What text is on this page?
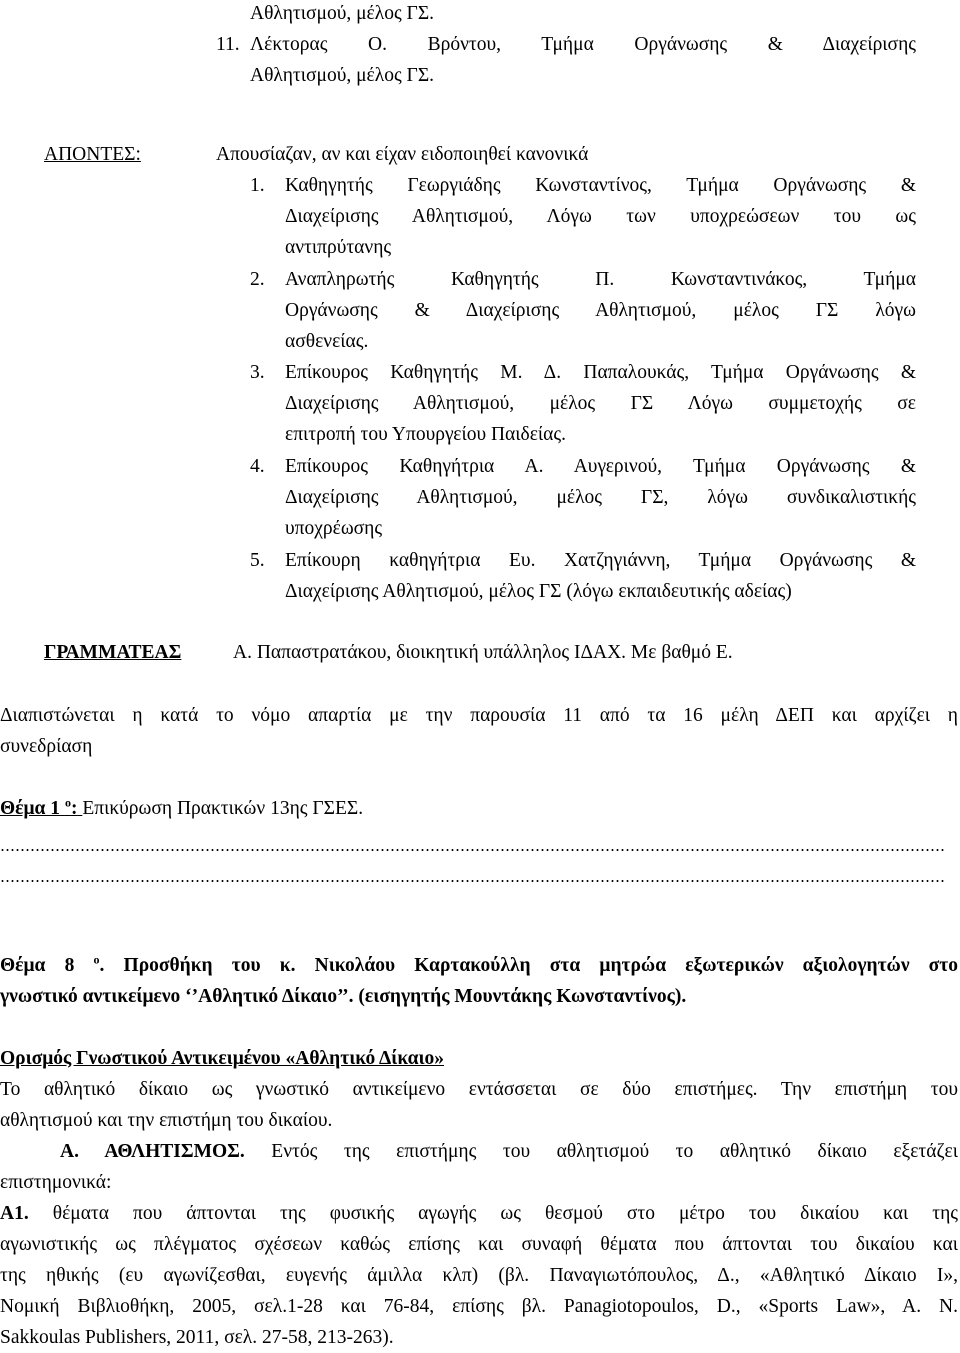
Αθλητισμού, μέλος ΓΣ.
11. Λέκτορας Ο. Βρόντου, Τμήμα Οργάνωσης & Διαχείρισης
Αθλητισμού, μέλος ΓΣ.
ΑΠΟΝΤΕΣ:	Απουσίαζαν, αν και είχαν ειδοποιηθεί κανονικά
1. Καθηγητής Γεωργιάδης Κωνσταντίνος, Τμήμα Οργάνωσης &
Διαχείρισης Αθλητισμού, Λόγω των υποχρεώσεων του ως
αντιπρύτανης
2. Αναπληρωτής Καθηγητής Π. Κωνσταντινάκος, Τμήμα
Οργάνωσης & Διαχείρισης Αθλητισμού, μέλος ΓΣ λόγω
ασθενείας.
3. Επίκουρος Καθηγητής Μ. Δ. Παπαλουκάς, Τμήμα Οργάνωσης &
Διαχείρισης Αθλητισμού, μέλος ΓΣ Λόγω συμμετοχής σε
επιτροπή του Υπουργείου Παιδείας.
4. Επίκουρος Καθηγήτρια Α. Αυγερινού, Τμήμα Οργάνωσης &
Διαχείρισης Αθλητισμού, μέλος ΓΣ, λόγω συνδικαλιστικής
υποχρέωσης
5. Επίκουρη καθηγήτρια Ευ. Χατζηγιάννη, Τμήμα Οργάνωσης &
Διαχείρισης Αθλητισμού, μέλος ΓΣ (λόγω εκπαιδευτικής αδείας)
ΓΡΑΜΜΑΤΕΑΣ	Α. Παπαστρατάκου, διοικητική υπάλληλος ΙΔΑΧ. Με βαθμό Ε.
Διαπιστώνεται η κατά το νόμο απαρτία με την παρουσία 11 από τα 16 μέλη ΔΕΠ και αρχίζει η
συνεδρίαση
Θέμα 1 $^o$: Επικύρωση Πρακτικών 13ης ΓΣΕΣ.
Θέμα 8 $^o$. Προσθήκη του κ. Νικολάου Καρτακούλλη στα μητρώα εξωτερικών αξιολογητών στο
γνωστικό αντικείμενο ‘’Αθλητικό Δίκαιο’’. (εισηγητής Μουντάκης Κωνσταντίνος).
Ορισμός Γνωστικού Αντικειμένου «Αθλητικό Δίκαιο»
Το αθλητικό δίκαιο ως γνωστικό αντικείμενο εντάσσεται σε δύο επιστήμες. Την επιστήμη του
αθλητισμού και την επιστήμη του δικαίου.
Α. ΑΘΛΗΤΙΣΜΟΣ. Εντός της επιστήμης του αθλητισμού το αθλητικό δίκαιο εξετάζει
επιστημονικά:
Α1. θέματα που άπτονται της φυσικής αγωγής ως θεσμού στο μέτρο του δικαίου και της
αγωνιστικής ως πλέγματος σχέσεων καθώς επίσης και συναφή θέματα που άπτονται του δικαίου και
της ηθικής (ευ αγωνίζεσθαι, ευγενής άμιλλα κλπ) (βλ. Παναγιωτόπουλος, Δ., «Αθλητικό Δίκαιο Ι»,
Νομική Βιβλιοθήκη, 2005, σελ.1-28 και 76-84, επίσης βλ. Panagiotopoulos, D., «Sports Law», A. N.
Sakkoulas Publishers, 2011, σελ. 27-58, 213-263).
